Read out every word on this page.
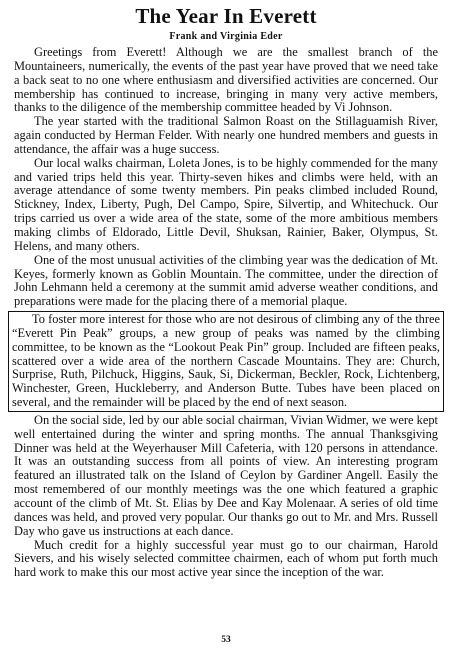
The Year In Everett
Frank and Virginia Eder

Greetings from Everett! Although we are the smallest branch of the Mountaineers, numerically, the events of the past year have proved that we need take a back seat to no one where enthusiasm and diversified activities are concerned. Our membership has continued to increase, bringing in many very active members, thanks to the diligence of the membership committee headed by Vi Johnson.

The year started with the traditional Salmon Roast on the Stillaguamish River, again conducted by Herman Felder. With nearly one hundred members and guests in attendance, the affair was a huge success.

Our local walks chairman, Loleta Jones, is to be highly commended for the many and varied trips held this year. Thirty-seven hikes and climbs were held, with an average attendance of some twenty members. Pin peaks climbed included Round, Stickney, Index, Liberty, Pugh, Del Campo, Spire, Silvertip, and Whitechuck. Our trips carried us over a wide area of the state, some of the more ambitious members making climbs of Eldorado, Little Devil, Shuksan, Rainier, Baker, Olympus, St. Helens, and many others.

One of the most unusual activities of the climbing year was the dedication of Mt. Keyes, formerly known as Goblin Mountain. The committee, under the direction of John Lehmann held a ceremony at the summit amid adverse weather conditions, and preparations were made for the placing there of a memorial plaque.

To foster more interest for those who are not desirous of climbing any of the three “Everett Pin Peak” groups, a new group of peaks was named by the climbing committee, to be known as the “Lookout Peak Pin” group. Included are fifteen peaks, scattered over a wide area of the northern Cascade Mountains. They are: Church, Surprise, Ruth, Pilchuck, Higgins, Sauk, Si, Dickerman, Beckler, Rock, Lichtenberg, Winchester, Green, Huckleberry, and Anderson Butte. Tubes have been placed on several, and the remainder will be placed by the end of next season.

On the social side, led by our able social chairman, Vivian Widmer, we were kept well entertained during the winter and spring months. The annual Thanksgiving Dinner was held at the Weyerhauser Mill Cafeteria, with 120 persons in attendance. It was an outstanding success from all points of view. An interesting program featured an illustrated talk on the Island of Ceylon by Gardiner Angell. Easily the most remembered of our monthly meetings was the one which featured a graphic account of the climb of Mt. St. Elias by Dee and Kay Molenaar. A series of old time dances was held, and proved very popular. Our thanks go out to Mr. and Mrs. Russell Day who gave us instructions at each dance.

Much credit for a highly successful year must go to our chairman, Harold Sievers, and his wisely selected committee chairmen, each of whom put forth much hard work to make this our most active year since the inception of the war.

53
